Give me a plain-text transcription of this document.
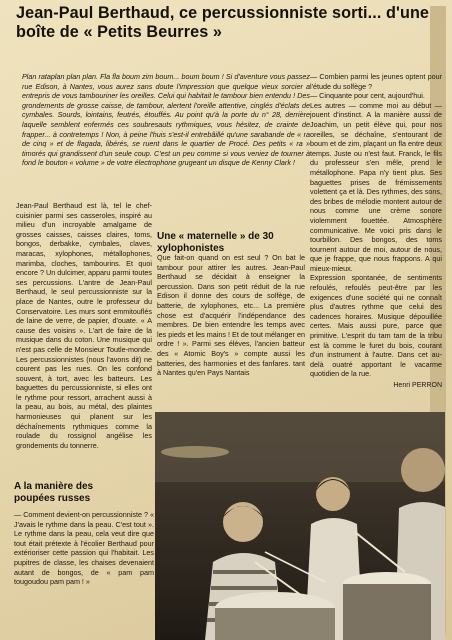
Jean-Paul Berthaud, ce percussionniste sorti... d'une boîte de « Petits Beurres »

Plan rataplan plan plan. Fla fla boum zim boum... boum boum ! Si d'aventure vous passez rue Edison, à Nantes, vous aurez sans doute l'impression que quelque vieux sorcier a entrepris de vous tambouriner les oreilles. Celui qui habitait le tambour bien entendu ! Des grondements de grosse caisse, de tambour, alertent l'oreille attentive, cinglés d'éclats de cymbales. Sourds, lointains, feutrés, étouffés. Au point qu'à la porte du n° 28, derrière laquelle semblent enfermés ces soubresauts rythmiques, vous hésitez, de crainte de frapper... à contretemps ! Non, à peine l'huis s'est-il entrebâillé qu'une sarabande de « ra de cinq » et de flagada, libérés, se ruent dans le quartier de Procé. Des petits « ra » timorés qui grandissent d'un seule coup. C'est un peu comme si vous veniez de tourner à fond le bouton « volume » de votre électrophone grugeant un disque de Kenny Clark !

— Combien parmi les jeunes optent pour l'étude du solfège ?
— Cinquante pour cent, aujourd'hui.
Les autres — comme moi au début — jouent d'instinct. A la manière aussi de Joachim, un petit élève qui, pour nos oreilles, se déchaîne, s'entourant de boum et de zim, plaçant un fla entre deux temps. Juste ou n'est faut. Franck, le fils du professeur s'en mêle, prend le métallophone. Papa n'y tient plus. Ses baguettes prises de frémissements volettent ça et là. Des rythmes, des sons, des bribes de mélodie montent autour de nous comme une crème sonore violemment fouettée. Atmosphère communicative. Me voici pris dans le tourbillon. Des bongos, des toms tournent autour de moi, autour de nous, que je frappe, que nous frappons. A qui mieux-mieux.
Expression spontanée, de sentiments refoulés, refoulés peut-être par les exigences d'une société qui ne connaît plus d'autres rythme que celui des cadences horaires. Musique dépouillée certes. Mais aussi pure, parce que primitive. L'esprit du tam tam de la tribu est là comme le furet du bois, courant d'un instrument à l'autre. Dans cet au-delà ouatré apportant le vacarme quotidien de la rue.

Henri PERRON

Jean-Paul Berthaud est là, tel le chef-cuisinier parmi ses casseroles, inspiré au milieu d'un incroyable amalgame de grosses caisses, caisses claires, toms, bongos, derbakke, cymbales, claves, maracas, xylophones, métallophones, marimba, cloches, tambourins. Et quoi encore ? Un dulcimer, apparu parmi toutes ses percussions. L'antre de Jean-Paul Berthaud, le seul percussionniste sur la place de Nantes, outre le professeur du Conservatoire. Les murs sont emmitouflés de laine de verre, de papier, d'ouate. « A cause des voisins ». L'art de faire de la musique dans du coton. Une musique qui n'est pas celle de Monsieur Toutle-monde. Les percussionnistes (nous l'avons dit) ne courent pas les rues. On les confond souvent, à tort, avec les batteurs. Les baguettes du percussionniste, si elles ont le rythme pour ressort, arrachent aussi à la peau, au bois, au métal, des plaintes harmonieuses qui planent sur les déchaînements rythmiques comme la roulade du rossignol angélise les grondements du tonnerre.

Une « maternelle » de 30 xylophonistes

Que fait-on quand on est seul ? On bat le tambour pour attirer les autres. Jean-Paul Berthaud se décidait à enseigner la percussion. Dans son petit réduit de la rue Edison il donne des cours de solfège, de batterie, de xylophones, etc... La première chose est d'acquérir l'indépendance des membres. De bien entendre les temps avec les pieds et les mains ! Et de tout mélanger en ordre ! ». Parmi ses élèves, l'ancien batteur des « Atomic Boy's » compte aussi les batteries, des harmonies et des fanfares. tant à Nantes qu'en Pays Nantais

A la manière des poupées russes

— Comment devient-on percussionniste ? « J'avais le rythme dans la peau. C'est tout ». Le rythme dans la peau, cela veut dire que tout était prétexte à l'écolier Berthaud pour extérioriser cette passion qui l'habitait. Les pupitres de classe, les chaises devenaient autant de bongos, de « pam pam tougoudou pam pam ! »
